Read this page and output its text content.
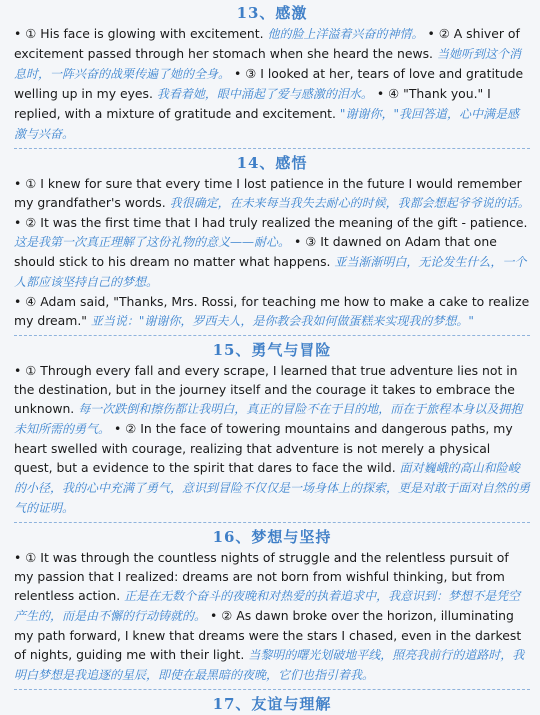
13、感激

• ① His face is glowing with excitement. 他的脸上洋溢着兴奋的神情。 • ② A shiver of excitement passed through her stomach when she heard the news. 当她听到这个消息时，一阵兴奋的战栗传遍了她的全身。 • ③ I looked at her, tears of love and gratitude welling up in my eyes. 我看着她，眼中涌起了爱与感激的泪水。 • ④ "Thank you." I replied, with a mixture of gratitude and excitement. "谢谢你，"我回答道，心中满是感激与兴奋。

14、感悟

• ① I knew for sure that every time I lost patience in the future I would remember my grandfather's words. 我很确定，在未来每当我失去耐心的时候，我都会想起爷爷说的话。 • ② It was the first time that I had truly realized the meaning of the gift - patience. 这是我第一次真正理解了这份礼物的意义——耐心。 • ③ It dawned on Adam that one should stick to his dream no matter what happens. 亚当渐渐明白，无论发生什么，一个人都应该坚持自己的梦想。

• ④ Adam said, "Thanks, Mrs. Rossi, for teaching me how to make a cake to realize my dream." 亚当说："谢谢你，罗西夫人，是你教会我如何做蛋糕来实现我的梦想。"

15、勇气与冒险

• ① Through every fall and every scrape, I learned that true adventure lies not in the destination, but in the journey itself and the courage it takes to embrace the unknown. 每一次跌倒和擦伤都让我明白，真正的冒险不在于目的地，而在于旅程本身以及拥抱未知所需的勇气。 • ② In the face of towering mountains and dangerous paths, my heart swelled with courage, realizing that adventure is not merely a physical quest, but a evidence to the spirit that dares to face the wild. 面对巍峨的高山和险峻的小径，我的心中充满了勇气，意识到冒险不仅仅是一场身体上的探索，更是对敢于面对自然的勇气的证明。

16、梦想与坚持

• ① It was through the countless nights of struggle and the relentless pursuit of my passion that I realized: dreams are not born from wishful thinking, but from relentless action. 正是在无数个奋斗的夜晚和对热爱的执着追求中，我意识到：梦想不是凭空产生的，而是由不懈的行动铸就的。 • ② As dawn broke over the horizon, illuminating my path forward, I knew that dreams were the stars I chased, even in the darkest of nights, guiding me with their light. 当黎明的曙光划破地平线，照亮我前行的道路时，我明白梦想是我追逐的星辰，即使在最黑暗的夜晚，它们也指引着我。

17、友谊与理解
